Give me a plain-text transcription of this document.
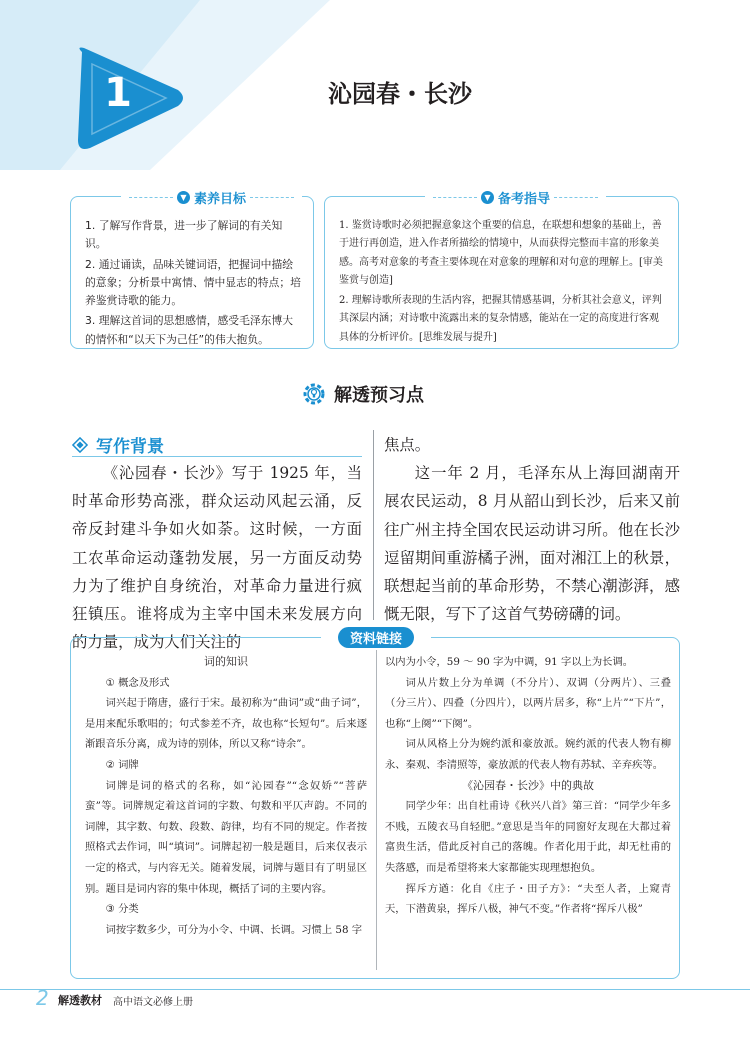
1	沁园春・长沙
▼ 素养目标
1. 了解写作背景，进一步了解词的有关知识。
2. 通过诵读，品味关键词语，把握词中描绘的意象；分析景中寓情、情中显志的特点；培养鉴赏诗歌的能力。
3. 理解这首词的思想感情，感受毛泽东博大的情怀和“以天下为己任”的伟大抱负。
▼ 备考指导
1. 鉴赏诗歌时必须把握意象这个重要的信息，在联想和想象的基础上，善于进行再创造，进入作者所描绘的情境中，从而获得完整而丰富的形象美感。高考对意象的考查主要体现在对意象的理解和对句意的理解上。[审美鉴赏与创造]
2. 理解诗歌所表现的生活内容，把握其情感基调，分析其社会意义，评判其深层内涵；对诗歌中流露出来的复杂情感，能站在一定的高度进行客观具体的分析评价。[思维发展与提升]
解透预习点
写作背景

《沁园春・长沙》写于 1925 年，当时革命形势高涨，群众运动风起云涌，反帝反封建斗争如火如荼。这时候，一方面工农革命运动蓬勃发展，另一方面反动势力为了维护自身统治，对革命力量进行疯狂镇压。谁将成为主宰中国未来发展方向的力量，成为人们关注的

焦点。

这一年 2 月，毛泽东从上海回湖南开展农民运动，8 月从韶山到长沙，后来又前往广州主持全国农民运动讲习所。他在长沙逗留期间重游橘子洲，面对湘江上的秋景，联想起当前的革命形势，不禁心潮澎湃，感慨无限，写下了这首气势磅礴的词。

资料链接

词的知识

① 概念及形式

词兴起于隋唐，盛行于宋。最初称为“曲词”或“曲子词”，是用来配乐歌唱的；句式参差不齐，故也称“长短句”。后来逐渐跟音乐分离，成为诗的别体，所以又称“诗余”。

② 词牌

词牌是词的格式的名称，如“沁园春”“念奴娇”“菩萨蛮”等。词牌规定着这首词的字数、句数和平仄声韵。不同的词牌，其字数、句数、段数、韵律，均有不同的规定。作者按照格式去作词，叫“填词”。词牌起初一般是题目，后来仅表示一定的格式，与内容无关。随着发展，词牌与题目有了明显区别。题目是词内容的集中体现，概括了词的主要内容。

③ 分类

词按字数多少，可分为小令、中调、长调。习惯上 58 字

以内为小令，59 ～ 90 字为中调，91 字以上为长调。

词从片数上分为单调（不分片）、双调（分两片）、三叠（分三片）、四叠（分四片），以两片居多，称“上片”“下片”，也称“上阕”“下阕”。

词从风格上分为婉约派和豪放派。婉约派的代表人物有柳永、秦观、李清照等，豪放派的代表人物有苏轼、辛弃疾等。

《沁园春・长沙》中的典故

同学少年：出自杜甫诗《秋兴八首》第三首：“同学少年多不贱，五陵衣马自轻肥。”意思是当年的同窗好友现在大都过着富贵生活，借此反衬自己的落魄。作者化用于此，却无杜甫的失落感，而是希望将来大家都能实现理想抱负。

挥斥方遒：化自《庄子・田子方》：“夫至人者，上窥青天，下潜黄泉，挥斥八极，神气不变。”作者将“挥斥八极”

2 解透教材 高中语文必修上册
